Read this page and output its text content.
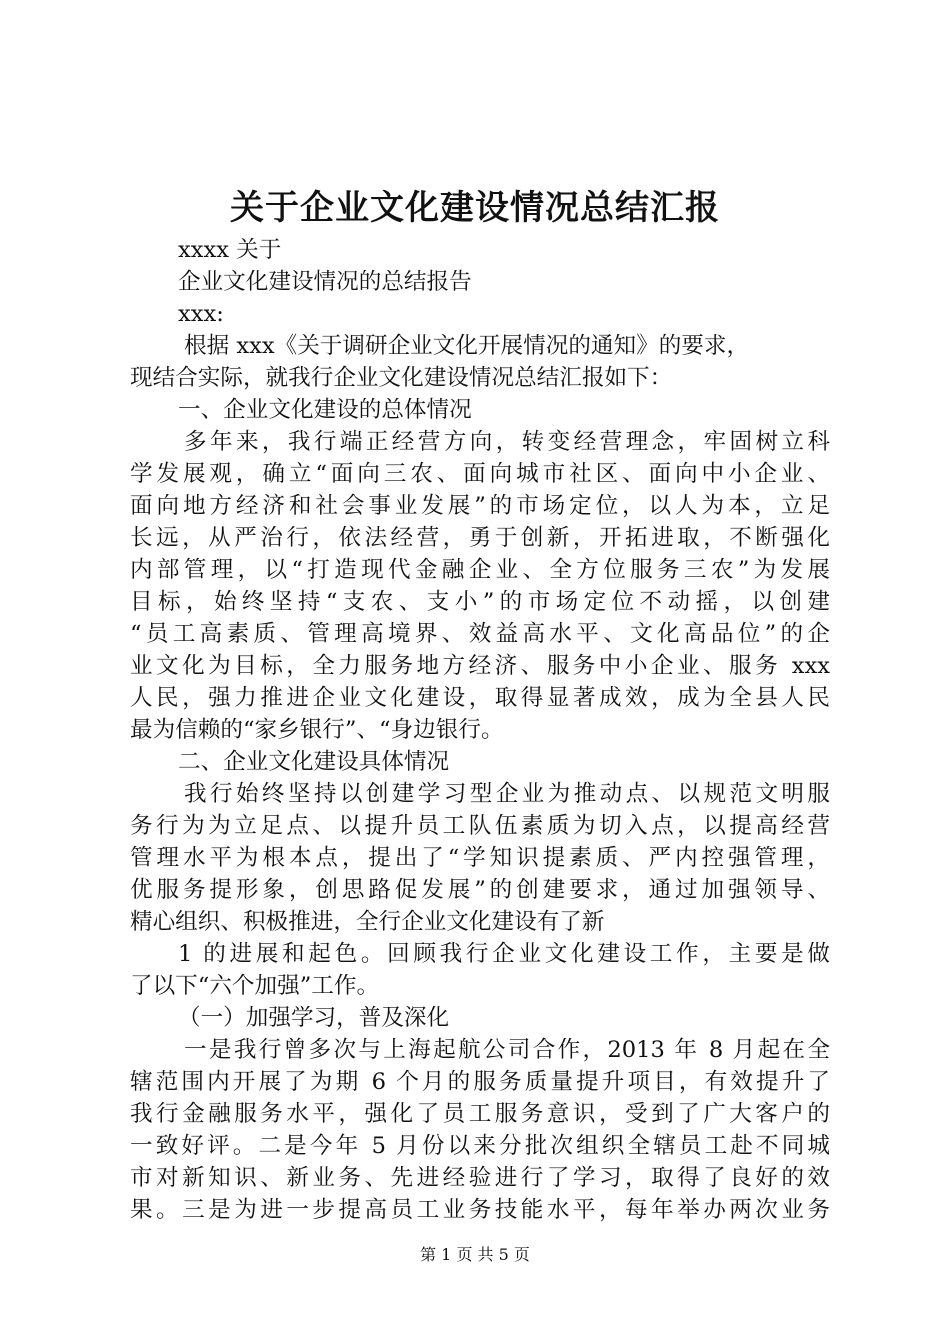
关于企业文化建设情况总结汇报
xxxx 关于
企业文化建设情况的总结报告
xxx:
根据 xxx《关于调研企业文化开展情况的通知》的要求，
现结合实际，就我行企业文化建设情况总结汇报如下：
一、企业文化建设的总体情况
多年来，我行端正经营方向，转变经营理念，牢固树立科
学发展观，确立“面向三农、面向城市社区、面向中小企业、
面向地方经济和社会事业发展”的市场定位，以人为本，立足
长远，从严治行，依法经营，勇于创新，开拓进取，不断强化
内部管理，以“打造现代金融企业、全方位服务三农”为发展
目标，始终坚持“支农、支小”的市场定位不动摇，以创建
“员工高素质、管理高境界、效益高水平、文化高品位”的企
业文化为目标，全力服务地方经济、服务中小企业、服务 xxx
人民，强力推进企业文化建设，取得显著成效，成为全县人民
最为信赖的“家乡银行”、“身边银行。
二、企业文化建设具体情况
我行始终坚持以创建学习型企业为推动点、以规范文明服
务行为为立足点、以提升员工队伍素质为切入点，以提高经营
管理水平为根本点，提出了“学知识提素质、严内控强管理，
优服务提形象，创思路促发展”的创建要求，通过加强领导、
精心组织、积极推进，全行企业文化建设有了新
1 的进展和起色。回顾我行企业文化建设工作，主要是做
了以下“六个加强”工作。
（一）加强学习，普及深化
一是我行曾多次与上海起航公司合作，2013 年 8 月起在全
辖范围内开展了为期 6 个月的服务质量提升项目，有效提升了
我行金融服务水平，强化了员工服务意识，受到了广大客户的
一致好评。二是今年 5 月份以来分批次组织全辖员工赴不同城
市对新知识、新业务、先进经验进行了学习，取得了良好的效
果。三是为进一步提高员工业务技能水平，每年举办两次业务
第 1 页 共 5 页
